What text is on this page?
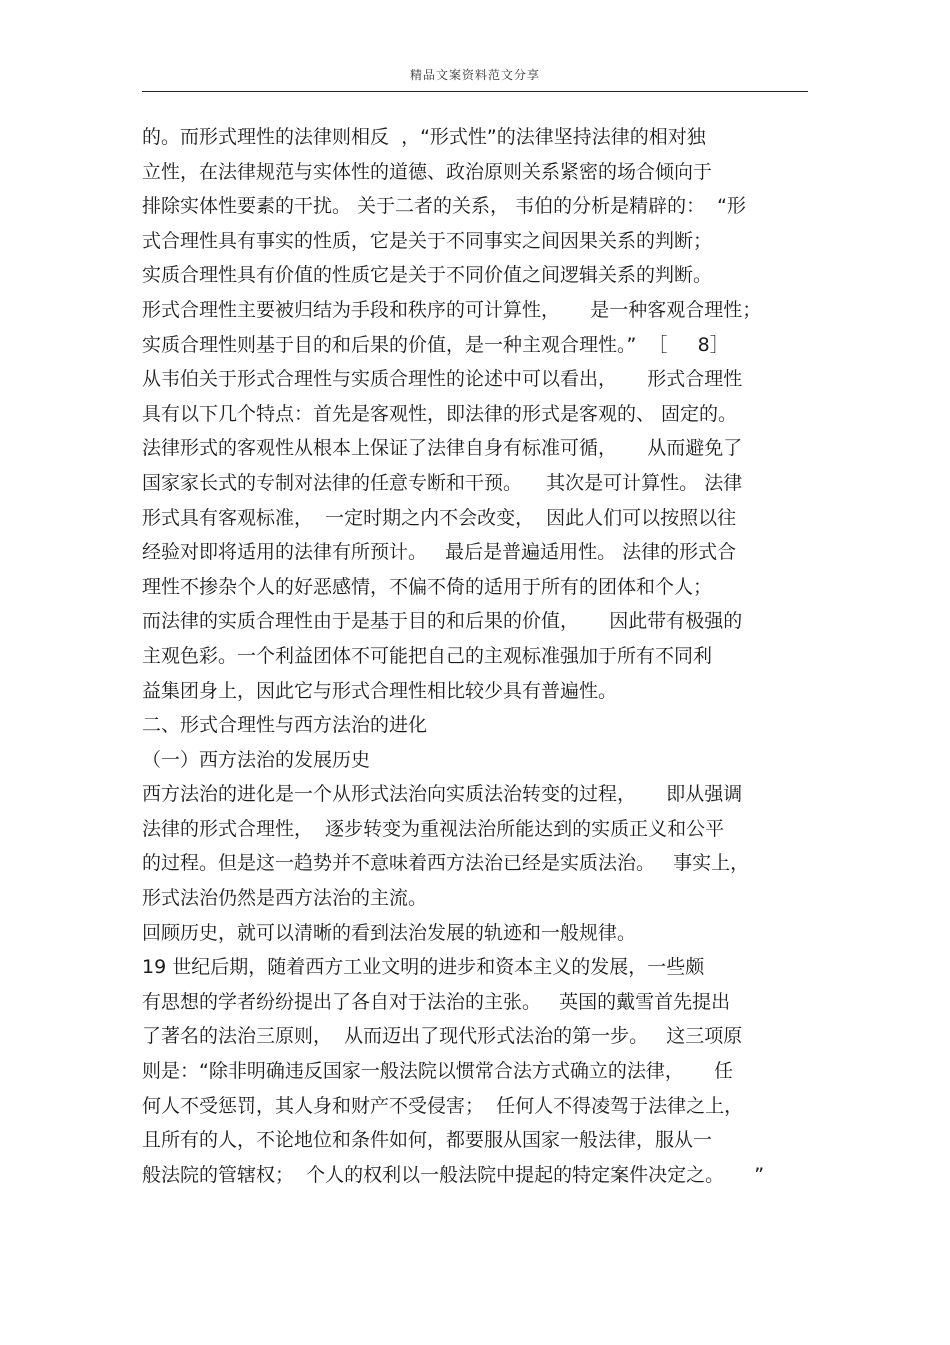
精品文案资料范文分享
的。而形式理性的法律则相反  ，“形式性”的法律坚持法律的相对独
立性，在法律规范与实体性的道德、政治原则关系紧密的场合倾向于
排除实体性要素的干扰。 关于二者的关系， 韦伯的分析是精辟的：  “形
式合理性具有事实的性质，它是关于不同事实之间因果关系的判断；
实质合理性具有价值的性质它是关于不同价值之间逻辑关系的判断。
形式合理性主要被归结为手段和秩序的可计算性，     是一种客观合理性；
实质合理性则基于目的和后果的价值，是一种主观合理性。”  ［     8］
从韦伯关于形式合理性与实质合理性的论述中可以看出，     形式合理性
具有以下几个特点：首先是客观性，即法律的形式是客观的、 固定的。
法律形式的客观性从根本上保证了法律自身有标准可循，     从而避免了
国家家长式的专制对法律的任意专断和干预。    其次是可计算性。 法律
形式具有客观标准，  一定时期之内不会改变，  因此人们可以按照以往
经验对即将适用的法律有所预计。   最后是普遍适用性。 法律的形式合
理性不掺杂个人的好恶感情，不偏不倚的适用于所有的团体和个人；
而法律的实质合理性由于是基于目的和后果的价值，     因此带有极强的
主观色彩。一个利益团体不可能把自己的主观标准强加于所有不同利
益集团身上，因此它与形式合理性相比较少具有普遍性。
二、形式合理性与西方法治的进化
（一）西方法治的发展历史
西方法治的进化是一个从形式法治向实质法治转变的过程，     即从强调
法律的形式合理性，  逐步转变为重视法治所能达到的实质正义和公平
的过程。但是这一趋势并不意味着西方法治已经是实质法治。   事实上，
形式法治仍然是西方法治的主流。
回顾历史，就可以清晰的看到法治发展的轨迹和一般规律。
19 世纪后期，随着西方工业文明的进步和资本主义的发展，一些颇
有思想的学者纷纷提出了各自对于法治的主张。   英国的戴雪首先提出
了著名的法治三原则，  从而迈出了现代形式法治的第一步。   这三项原
则是：“除非明确违反国家一般法院以惯常合法方式确立的法律，     任
何人不受惩罚，其人身和财产不受侵害；  任何人不得凌驾于法律之上，
且所有的人，不论地位和条件如何，都要服从国家一般法律，服从一
般法院的管辖权；  个人的权利以一般法院中提起的特定案件决定之。     ”
